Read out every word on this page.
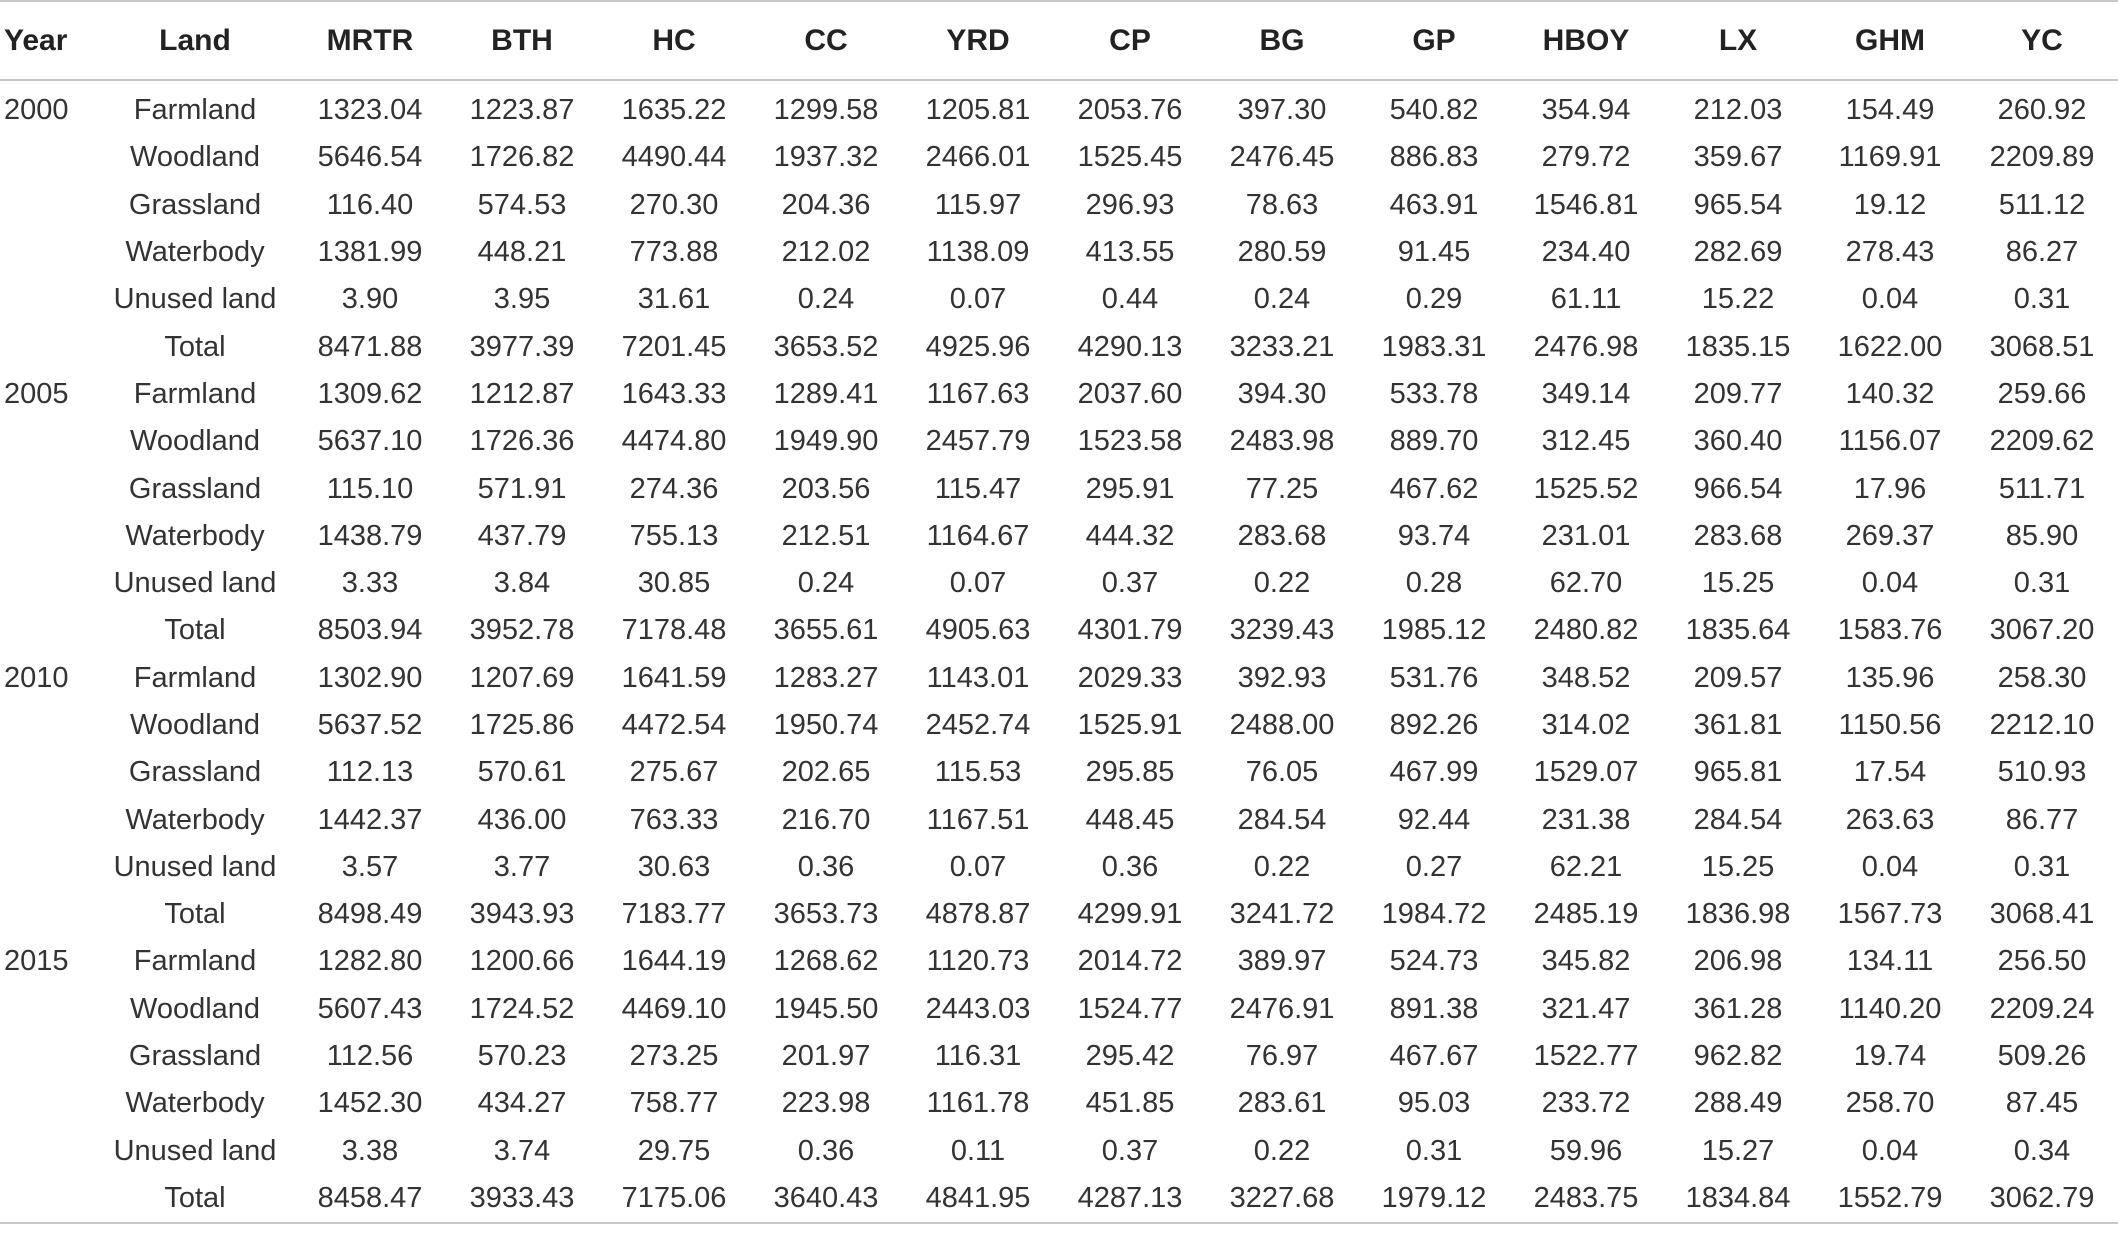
Year	Land	MRTR	BTH	HC	CC	YRD	CP	BG	GP	HBOY	LX	GHM	YC
2000	Farmland	1323.04	1223.87	1635.22	1299.58	1205.81	2053.76	397.30	540.82	354.94	212.03	154.49	260.92
	Woodland	5646.54	1726.82	4490.44	1937.32	2466.01	1525.45	2476.45	886.83	279.72	359.67	1169.91	2209.89
	Grassland	116.40	574.53	270.30	204.36	115.97	296.93	78.63	463.91	1546.81	965.54	19.12	511.12
	Waterbody	1381.99	448.21	773.88	212.02	1138.09	413.55	280.59	91.45	234.40	282.69	278.43	86.27
	Unused land	3.90	3.95	31.61	0.24	0.07	0.44	0.24	0.29	61.11	15.22	0.04	0.31
	Total	8471.88	3977.39	7201.45	3653.52	4925.96	4290.13	3233.21	1983.31	2476.98	1835.15	1622.00	3068.51
2005	Farmland	1309.62	1212.87	1643.33	1289.41	1167.63	2037.60	394.30	533.78	349.14	209.77	140.32	259.66
	Woodland	5637.10	1726.36	4474.80	1949.90	2457.79	1523.58	2483.98	889.70	312.45	360.40	1156.07	2209.62
	Grassland	115.10	571.91	274.36	203.56	115.47	295.91	77.25	467.62	1525.52	966.54	17.96	511.71
	Waterbody	1438.79	437.79	755.13	212.51	1164.67	444.32	283.68	93.74	231.01	283.68	269.37	85.90
	Unused land	3.33	3.84	30.85	0.24	0.07	0.37	0.22	0.28	62.70	15.25	0.04	0.31
	Total	8503.94	3952.78	7178.48	3655.61	4905.63	4301.79	3239.43	1985.12	2480.82	1835.64	1583.76	3067.20
2010	Farmland	1302.90	1207.69	1641.59	1283.27	1143.01	2029.33	392.93	531.76	348.52	209.57	135.96	258.30
	Woodland	5637.52	1725.86	4472.54	1950.74	2452.74	1525.91	2488.00	892.26	314.02	361.81	1150.56	2212.10
	Grassland	112.13	570.61	275.67	202.65	115.53	295.85	76.05	467.99	1529.07	965.81	17.54	510.93
	Waterbody	1442.37	436.00	763.33	216.70	1167.51	448.45	284.54	92.44	231.38	284.54	263.63	86.77
	Unused land	3.57	3.77	30.63	0.36	0.07	0.36	0.22	0.27	62.21	15.25	0.04	0.31
	Total	8498.49	3943.93	7183.77	3653.73	4878.87	4299.91	3241.72	1984.72	2485.19	1836.98	1567.73	3068.41
2015	Farmland	1282.80	1200.66	1644.19	1268.62	1120.73	2014.72	389.97	524.73	345.82	206.98	134.11	256.50
	Woodland	5607.43	1724.52	4469.10	1945.50	2443.03	1524.77	2476.91	891.38	321.47	361.28	1140.20	2209.24
	Grassland	112.56	570.23	273.25	201.97	116.31	295.42	76.97	467.67	1522.77	962.82	19.74	509.26
	Waterbody	1452.30	434.27	758.77	223.98	1161.78	451.85	283.61	95.03	233.72	288.49	258.70	87.45
	Unused land	3.38	3.74	29.75	0.36	0.11	0.37	0.22	0.31	59.96	15.27	0.04	0.34
	Total	8458.47	3933.43	7175.06	3640.43	4841.95	4287.13	3227.68	1979.12	2483.75	1834.84	1552.79	3062.79
